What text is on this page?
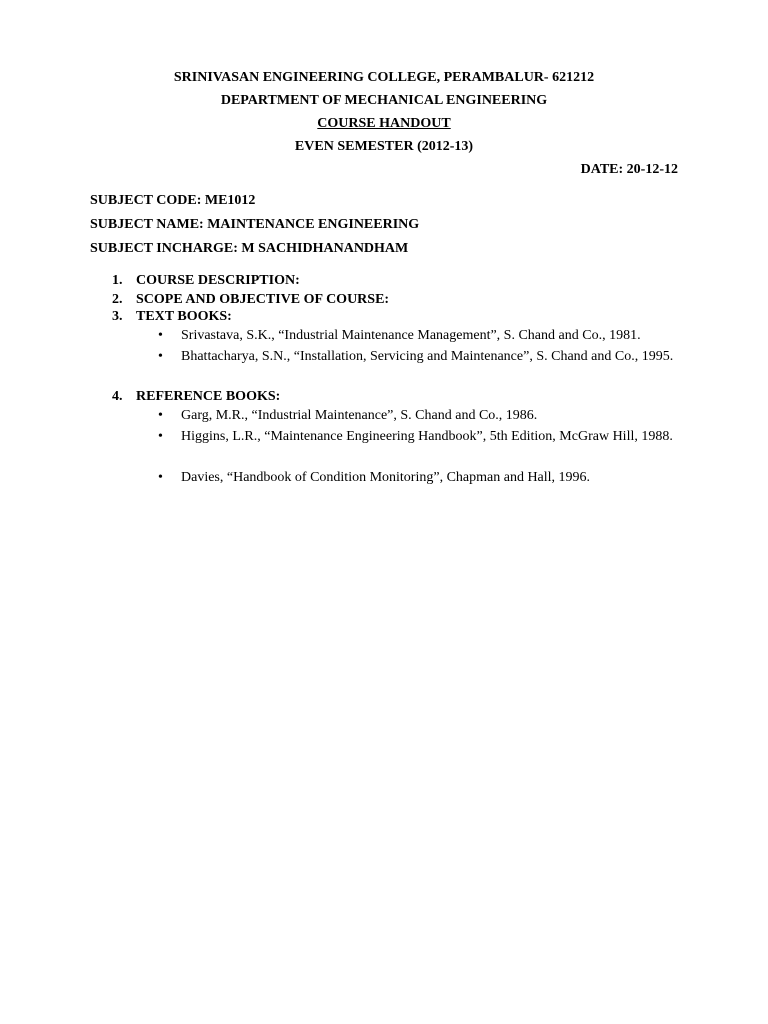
SRINIVASAN ENGINEERING COLLEGE, PERAMBALUR- 621212
DEPARTMENT OF MECHANICAL ENGINEERING
COURSE HANDOUT
EVEN SEMESTER (2012-13)
DATE: 20-12-12
SUBJECT CODE: ME1012
SUBJECT NAME: MAINTENANCE ENGINEERING
SUBJECT INCHARGE: M SACHIDHANANDHAM
1. COURSE DESCRIPTION:
2. SCOPE AND OBJECTIVE OF COURSE:
3. TEXT BOOKS:
• Srivastava, S.K., “Industrial Maintenance Management”, S. Chand and Co., 1981.
• Bhattacharya, S.N., “Installation, Servicing and Maintenance”, S. Chand and Co., 1995.
4. REFERENCE BOOKS:
• Garg, M.R., “Industrial Maintenance”, S. Chand and Co., 1986.
• Higgins, L.R., “Maintenance Engineering Handbook”, 5th Edition, McGraw Hill, 1988.
• Davies, “Handbook of Condition Monitoring”, Chapman and Hall, 1996.
